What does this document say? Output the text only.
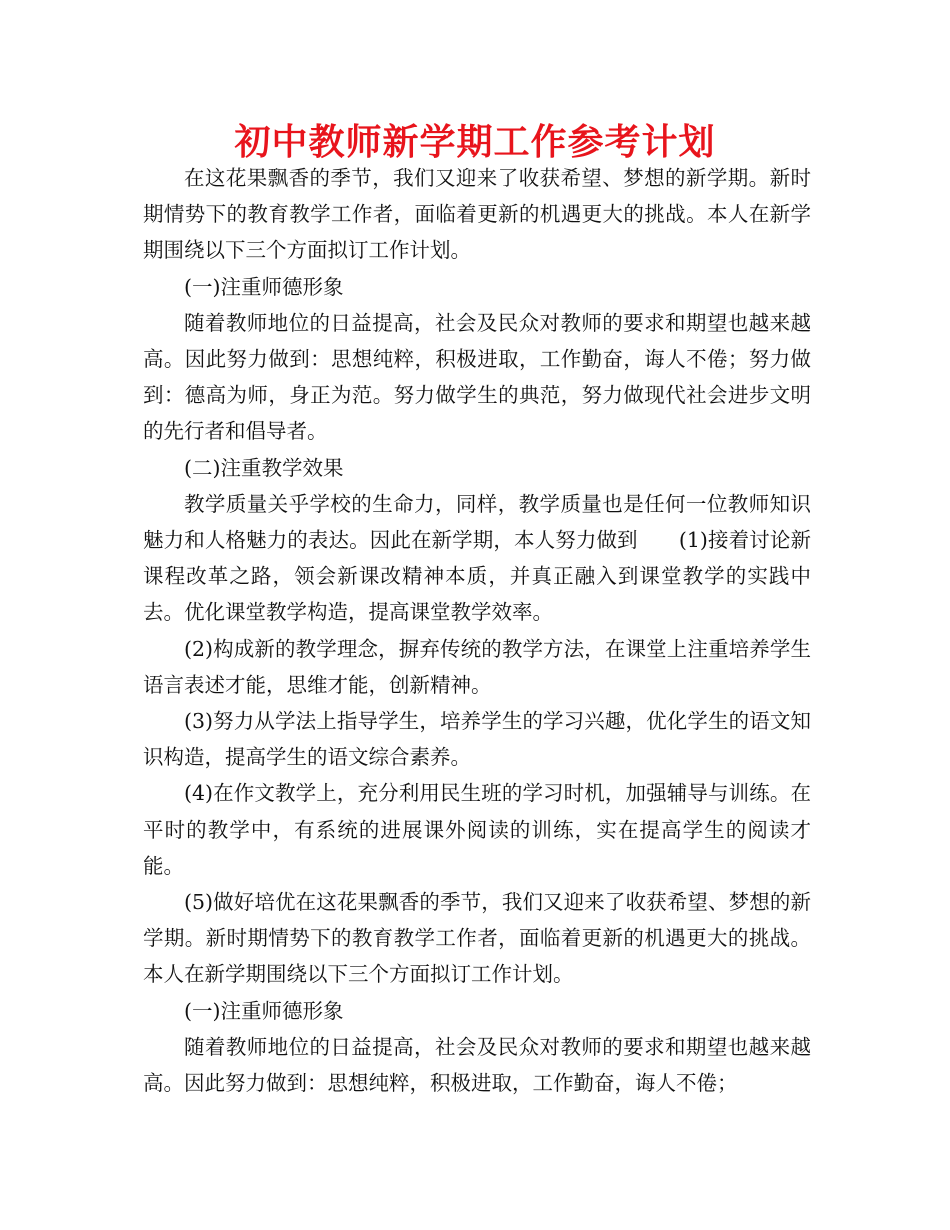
初中教师新学期工作参考计划

在这花果飘香的季节，我们又迎来了收获希望、梦想的新学期。新时期情势下的教育教学工作者，面临着更新的机遇更大的挑战。本人在新学期围绕以下三个方面拟订工作计划。

(一)注重师德形象

随着教师地位的日益提高，社会及民众对教师的要求和期望也越来越高。因此努力做到：思想纯粹，积极进取，工作勤奋，诲人不倦；努力做到：德高为师，身正为范。努力做学生的典范，努力做现代社会进步文明的先行者和倡导者。

(二)注重教学效果

教学质量关乎学校的生命力，同样，教学质量也是任何一位教师知识魅力和人格魅力的表达。因此在新学期，本人努力做到　　(1)接着讨论新课程改革之路，领会新课改精神本质，并真正融入到课堂教学的实践中去。优化课堂教学构造，提高课堂教学效率。

(2)构成新的教学理念，摒弃传统的教学方法，在课堂上注重培养学生语言表述才能，思维才能，创新精神。

(3)努力从学法上指导学生，培养学生的学习兴趣，优化学生的语文知识构造，提高学生的语文综合素养。

(4)在作文教学上，充分利用民生班的学习时机，加强辅导与训练。在平时的教学中，有系统的进展课外阅读的训练，实在提高学生的阅读才能。

(5)做好培优在这花果飘香的季节，我们又迎来了收获希望、梦想的新学期。新时期情势下的教育教学工作者，面临着更新的机遇更大的挑战。本人在新学期围绕以下三个方面拟订工作计划。

(一)注重师德形象

随着教师地位的日益提高，社会及民众对教师的要求和期望也越来越高。因此努力做到：思想纯粹，积极进取，工作勤奋，诲人不倦；
